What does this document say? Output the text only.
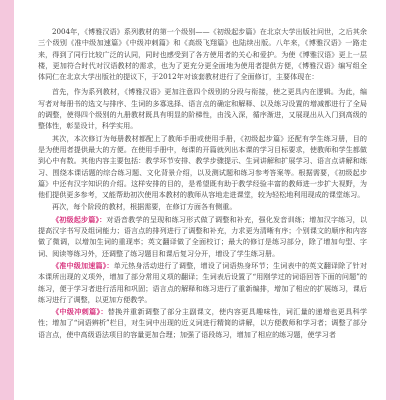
2004年，《博雅汉语》系列教材的第一个级别——《初级起步篇》在北京大学出版社问世，之后其余三个级别《准中级加速篇》《中级冲刺篇》和《高级飞翔篇》也陆续出版。八年来，《博雅汉语》一路走来，得到了同行比较广泛的认同，同时也感受到了各方使用者的关心和爱护。为使《博雅汉语》更上一层楼，更加符合时代对汉语教材的需求，也为了更充分更全面地为使用者提供方便，《博雅汉语》编写组全体同仁在北京大学出版社的提议下，于2012年对该套教材进行了全面修订，主要体现在：

首先，作为系列教材，《博雅汉语》更加注意四个级别的分段与衔接，使之更具内在逻辑。为此，编写者对每册书的选文与排序、生词的多寡选择、语言点的确定和解释、以及练习设置的增减都进行了全局的调整，使得四个级别的九册教材既具有明显的阶梯性，由浅入深，循序渐进，又展现出从入门到高级的整体性，彰显设计，科学实用。

其次，本次修订为每册教材都配上了教师手册或使用手册，《初级起步篇》还配有学生练习册，目的是为使用者提供最大的方便。在使用手册中，每课的开篇就列出本课的学习目标要求，使教师和学生都做到心中有数。其他内容主要包括：教学环节安排、教学步骤提示、生词讲解和扩展学习、语言点讲解和练习、围绕本课话题的综合练习题、文化背景介绍，以及测试题和练习参考答案等。根据需要，《初级起步篇》中还有汉字知识的介绍。这样安排的目的，是希望既有助于教学经验丰富的教师进一步扩大视野，为他们提供更多参考，又能帮助初次使用本教材的教师从容地走进课堂，较为轻松地利用现成的课堂练习。

再次，每个阶段的教材，根据需要，在修订方面各有侧重。

《初级起步篇》：对语音教学的呈现和练习形式做了调整和补充，强化发音训练；增加汉字练习，以提高汉字书写及组词能力；语言点的排列进行了调整和补充，力求更为清晰有序；个别课文的顺序和内容做了微调，以增加生词的重现率；英文翻译做了全面校订；最大的修订是练习部分，除了增加句型、字词、阅读等练习外，还调整了练习题目和课后复习分开，增设了学生练习册。

《准中级加速篇》：单元热身活动进行了调整，增设了词语热身环节；生词表中的英文翻译除了针对本课所出现的义项外，增加了部分常用义项的翻译；生词表后设置了“用刚学过的词语回答下面的问题”的练习，便于学习者进行活用和巩固；语言点的解释和练习进行了重新编排，增加了相应的扩展练习，课后练习进行了调整，以更加方便教学。

《中级冲刺篇》：替换并重新调整了部分主副课文，使内容更具趣味性，词汇量的递增也更具科学性；增加了“词语辨析”栏目，对生词中出现的近义词进行精简的讲解，以方便教师和学习者；调整了部分语言点，使中高级语法项目的容量更加合理；加强了语段练习，增加了相应的练习题，使学习者
